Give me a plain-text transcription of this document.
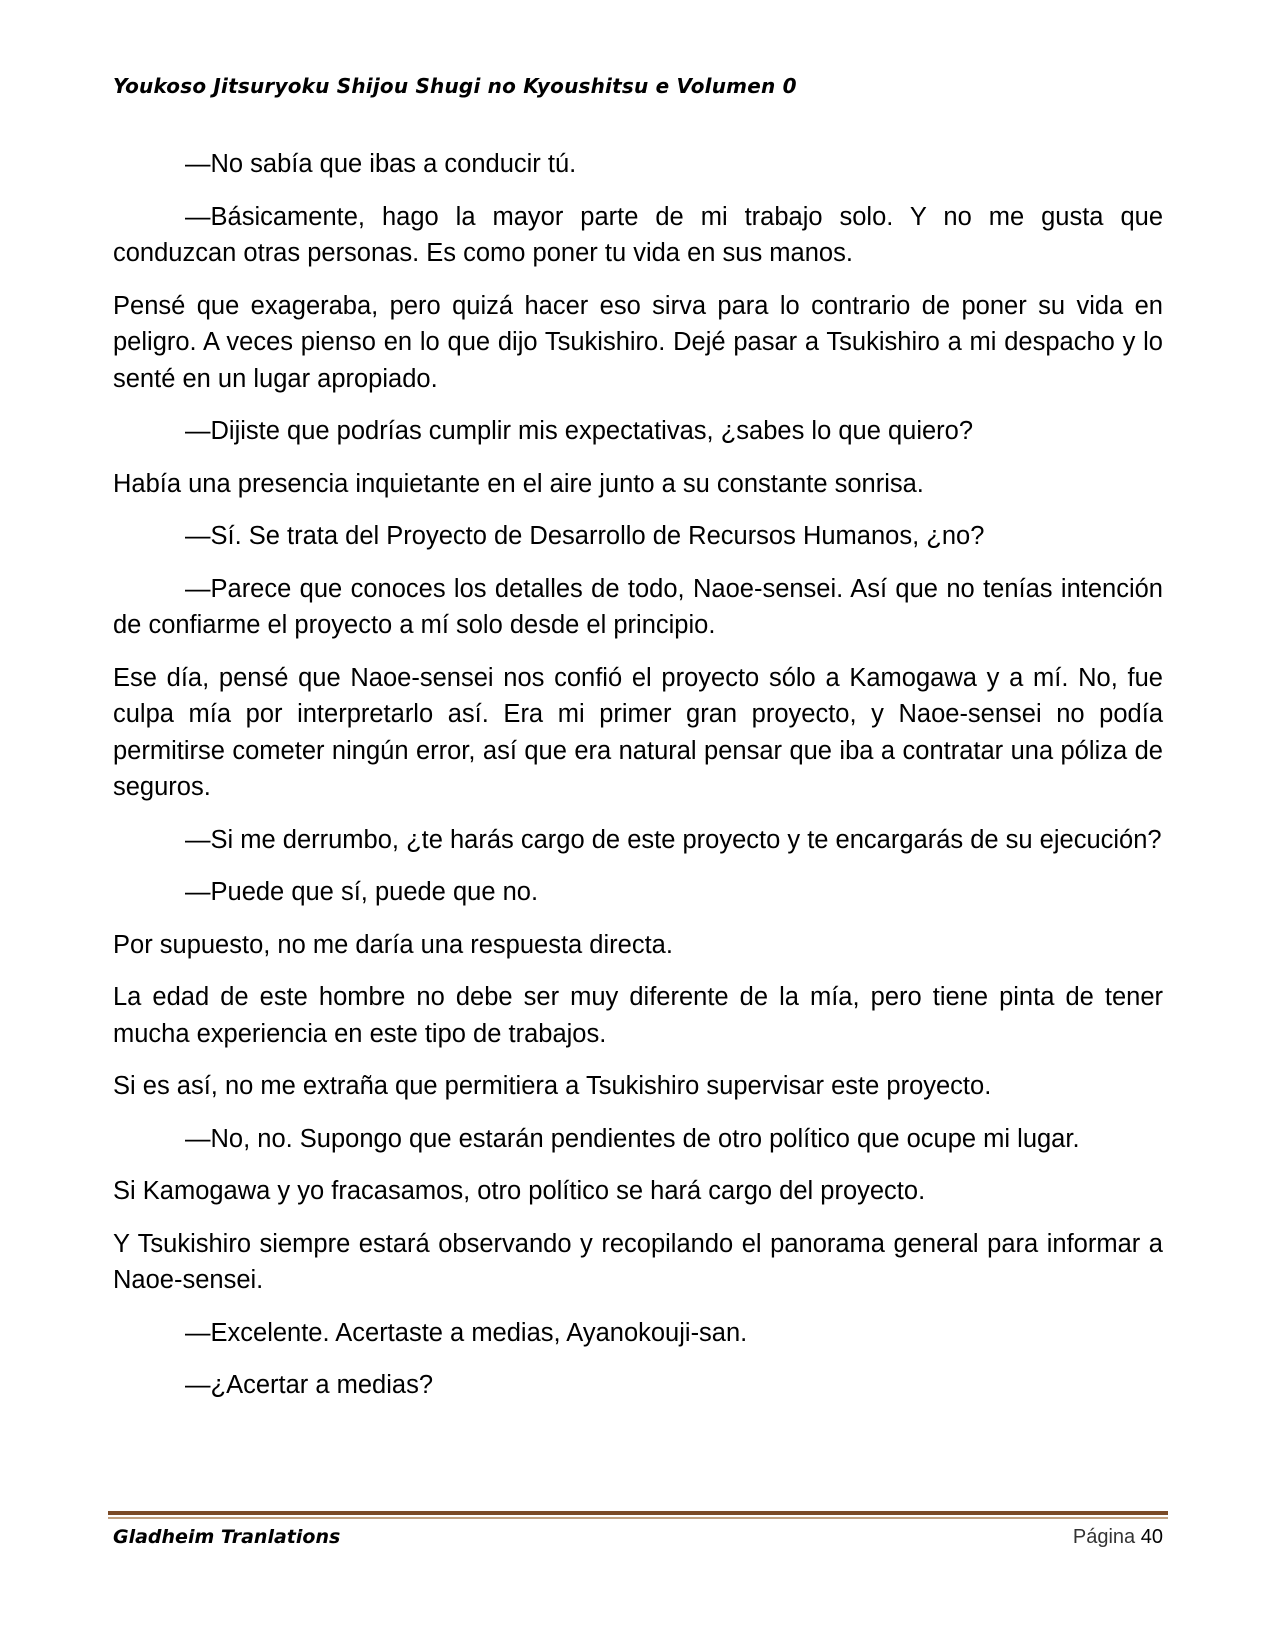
Youkoso Jitsuryoku Shijou Shugi no Kyoushitsu e Volumen 0

—No sabía que ibas a conducir tú.

—Básicamente, hago la mayor parte de mi trabajo solo. Y no me gusta que conduzcan otras personas. Es como poner tu vida en sus manos.

Pensé que exageraba, pero quizá hacer eso sirva para lo contrario de poner su vida en peligro. A veces pienso en lo que dijo Tsukishiro. Dejé pasar a Tsukishiro a mi despacho y lo senté en un lugar apropiado.

—Dijiste que podrías cumplir mis expectativas, ¿sabes lo que quiero?

Había una presencia inquietante en el aire junto a su constante sonrisa.

—Sí. Se trata del Proyecto de Desarrollo de Recursos Humanos, ¿no?

—Parece que conoces los detalles de todo, Naoe-sensei. Así que no tenías intención de confiarme el proyecto a mí solo desde el principio.

Ese día, pensé que Naoe-sensei nos confió el proyecto sólo a Kamogawa y a mí. No, fue culpa mía por interpretarlo así. Era mi primer gran proyecto, y Naoe-sensei no podía permitirse cometer ningún error, así que era natural pensar que iba a contratar una póliza de seguros.

—Si me derrumbo, ¿te harás cargo de este proyecto y te encargarás de su ejecución?

—Puede que sí, puede que no.

Por supuesto, no me daría una respuesta directa.

La edad de este hombre no debe ser muy diferente de la mía, pero tiene pinta de tener mucha experiencia en este tipo de trabajos.

Si es así, no me extraña que permitiera a Tsukishiro supervisar este proyecto.

—No, no. Supongo que estarán pendientes de otro político que ocupe mi lugar.

Si Kamogawa y yo fracasamos, otro político se hará cargo del proyecto.

Y Tsukishiro siempre estará observando y recopilando el panorama general para informar a Naoe-sensei.

—Excelente. Acertaste a medias, Ayanokouji-san.

—¿Acertar a medias?

Gladheim Tranlations	Página 40
